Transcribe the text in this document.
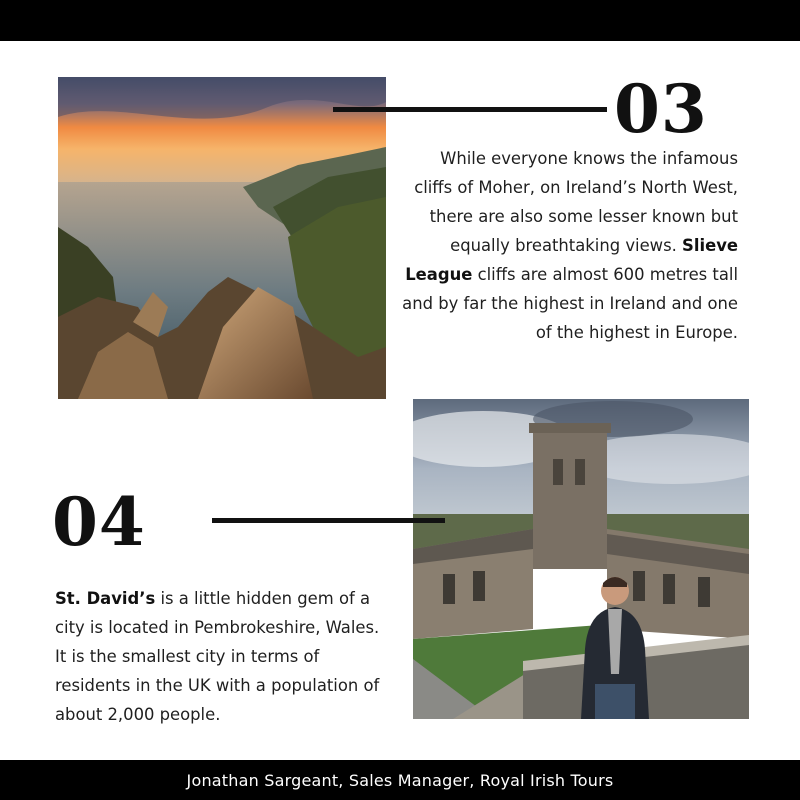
03
While everyone knows the infamous cliffs of Moher, on Ireland’s North West, there are also some lesser known but equally breathtaking views. Slieve League cliffs are almost 600 metres tall and by far the highest in Ireland and one of the highest in Europe.
04
St. David’s is a little hidden gem of a city is located in Pembrokeshire, Wales. It is the smallest city in terms of residents in the UK with a population of about 2,000 people.
Jonathan Sargeant, Sales Manager, Royal Irish Tours
